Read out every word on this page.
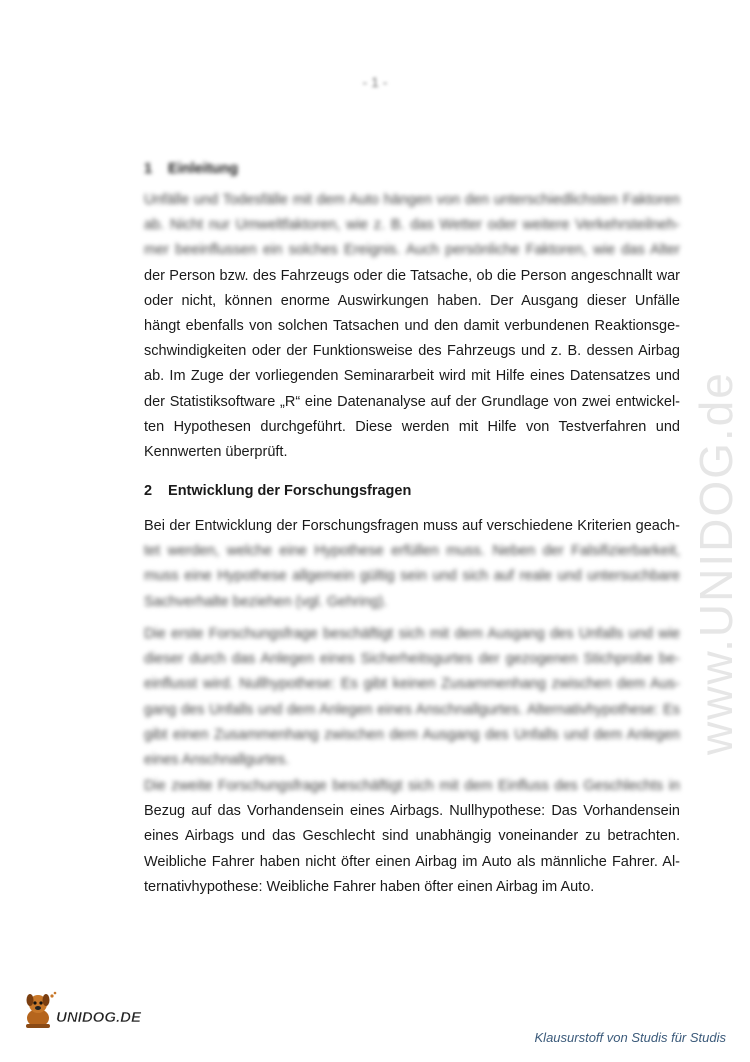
- 1 -
1 Einleitung
Unfälle und Todesfälle mit dem Auto hängen von den unterschiedlichsten Faktoren
ab. Nicht nur Umweltfaktoren, wie z. B. das Wetter oder weitere Verkehrsteilneh-
mer beeinflussen ein solches Ereignis. Auch persönliche Faktoren, wie das Alter
der Person bzw. des Fahrzeugs oder die Tatsache, ob die Person angeschnallt war
oder nicht, können enorme Auswirkungen haben. Der Ausgang dieser Unfälle
hängt ebenfalls von solchen Tatsachen und den damit verbundenen Reaktionsge-
schwindigkeiten oder der Funktionsweise des Fahrzeugs und z. B. dessen Airbag
ab. Im Zuge der vorliegenden Seminararbeit wird mit Hilfe eines Datensatzes und
der Statistiksoftware „R“ eine Datenanalyse auf der Grundlage von zwei entwickel-
ten Hypothesen durchgeführt. Diese werden mit Hilfe von Testverfahren und
Kennwerten überprüft.
2 Entwicklung der Forschungsfragen
Bei der Entwicklung der Forschungsfragen muss auf verschiedene Kriterien geach-
tet werden, welche eine Hypothese erfüllen muss. Neben der Falsifizierbarkeit,
muss eine Hypothese allgemein gültig sein und sich auf reale und untersuchbare
Sachverhalte beziehen (vgl. Gehring).
Die erste Forschungsfrage beschäftigt sich mit dem Ausgang des Unfalls und wie
dieser durch das Anlegen eines Sicherheitsgurtes der gezogenen Stichprobe be-
einflusst wird. Nullhypothese: Es gibt keinen Zusammenhang zwischen dem Aus-
gang des Unfalls und dem Anlegen eines Anschnallgurtes. Alternativhypothese: Es
gibt einen Zusammenhang zwischen dem Ausgang des Unfalls und dem Anlegen
eines Anschnallgurtes.
Die zweite Forschungsfrage beschäftigt sich mit dem Einfluss des Geschlechts in
Bezug auf das Vorhandensein eines Airbags. Nullhypothese: Das Vorhandensein
eines Airbags und das Geschlecht sind unabhängig voneinander zu betrachten.
Weibliche Fahrer haben nicht öfter einen Airbag im Auto als männliche Fahrer. Al-
ternativhypothese: Weibliche Fahrer haben öfter einen Airbag im Auto.
www.UNIDOG.de
UNIDOG.DE
Klausurstoff von Studis für Studis
